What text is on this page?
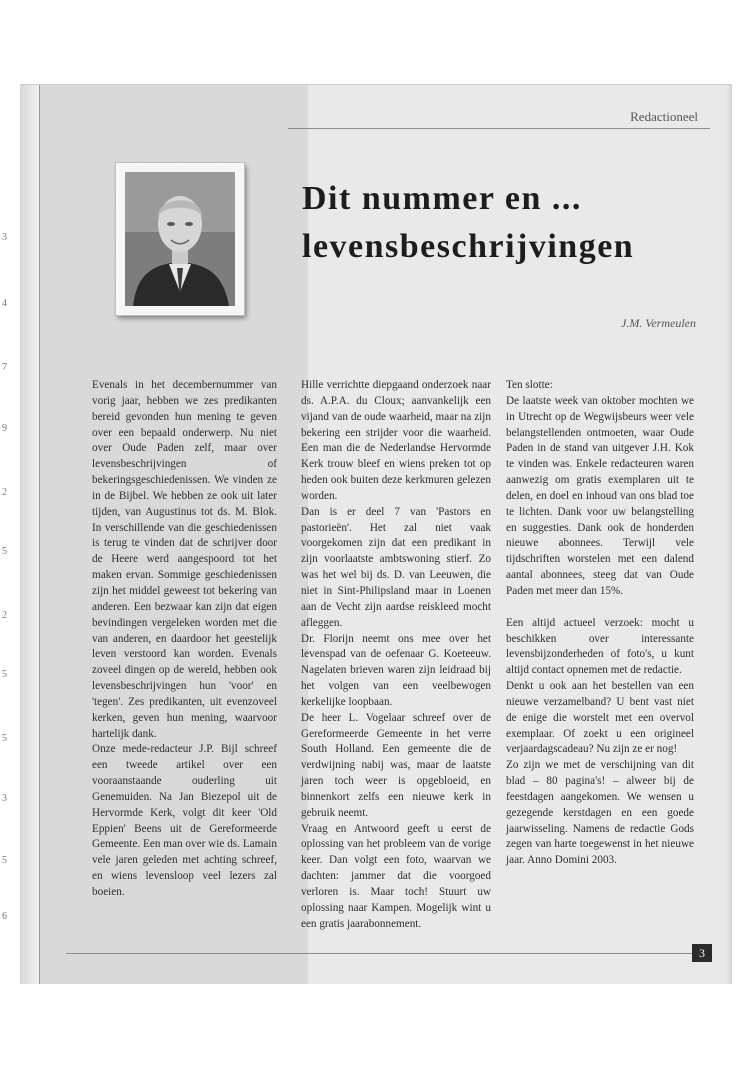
3
4
7
9
2
5
2
5
5
3
5
6
Redactioneel
Dit nummer en ...
levensbeschrijvingen
J.M. Vermeulen

Evenals in het decembernummer van vorig jaar, hebben we zes predikanten bereid gevonden hun mening te geven over een bepaald onderwerp. Nu niet over Oude Paden zelf, maar over levensbeschrijvingen of bekeringsgeschiedenissen. We vinden ze in de Bijbel. We hebben ze ook uit later tijden, van Augustinus tot ds. M. Blok. In verschillende van die geschiedenissen is terug te vinden dat de schrijver door de Heere werd aangespoord tot het maken ervan. Sommige geschiedenissen zijn het middel geweest tot bekering van anderen. Een bezwaar kan zijn dat eigen bevindingen vergeleken worden met die van anderen, en daardoor het geestelijk leven verstoord kan worden. Evenals zoveel dingen op de wereld, hebben ook levensbeschrijvingen hun 'voor' en 'tegen'. Zes predikanten, uit evenzoveel kerken, geven hun mening, waarvoor hartelijk dank.

Onze mede-redacteur J.P. Bijl schreef een tweede artikel over een vooraanstaande ouderling uit Genemuiden. Na Jan Biezepol uit de Hervormde Kerk, volgt dit keer 'Old Eppien' Beens uit de Gereformeerde Gemeente. Een man over wie ds. Lamain vele jaren geleden met achting schreef, en wiens levensloop veel lezers zal boeien.

Hille verrichtte diepgaand onderzoek naar ds. A.P.A. du Cloux; aanvankelijk een vijand van de oude waarheid, maar na zijn bekering een strijder voor die waarheid. Een man die de Nederlandse Hervormde Kerk trouw bleef en wiens preken tot op heden ook buiten deze kerkmuren gelezen worden.

Dan is er deel 7 van 'Pastors en pastorieën'. Het zal niet vaak voorgekomen zijn dat een predikant in zijn voorlaatste ambtswoning stierf. Zo was het wel bij ds. D. van Leeuwen, die niet in Sint-Philipsland maar in Loenen aan de Vecht zijn aardse reiskleed mocht afleggen.

Dr. Florijn neemt ons mee over het levenspad van de oefenaar G. Koeteeuw. Nagelaten brieven waren zijn leidraad bij het volgen van een veelbewogen kerkelijke loopbaan.

De heer L. Vogelaar schreef over de Gereformeerde Gemeente in het verre South Holland. Een gemeente die de verdwijning nabij was, maar de laatste jaren toch weer is opgebloeid, en binnenkort zelfs een nieuwe kerk in gebruik neemt.

Vraag en Antwoord geeft u eerst de oplossing van het probleem van de vorige keer. Dan volgt een foto, waarvan we dachten: jammer dat die voorgoed verloren is. Maar toch! Stuurt uw oplossing naar Kampen. Mogelijk wint u een gratis jaarabonnement.

Ten slotte:

De laatste week van oktober mochten we in Utrecht op de Wegwijsbeurs weer vele belangstellenden ontmoeten, waar Oude Paden in de stand van uitgever J.H. Kok te vinden was. Enkele redacteuren waren aanwezig om gratis exemplaren uit te delen, en doel en inhoud van ons blad toe te lichten. Dank voor uw belangstelling en suggesties. Dank ook de honderden nieuwe abonnees. Terwijl vele tijdschriften worstelen met een dalend aantal abonnees, steeg dat van Oude Paden met meer dan 15%.

Een altijd actueel verzoek: mocht u beschikken over interessante levensbijzonderheden of foto's, u kunt altijd contact opnemen met de redactie.

Denkt u ook aan het bestellen van een nieuwe verzamelband? U bent vast niet de enige die worstelt met een overvol exemplaar. Of zoekt u een origineel verjaardagscadeau? Nu zijn ze er nog!

Zo zijn we met de verschijning van dit blad – 80 pagina's! – alweer bij de feestdagen aangekomen. We wensen u gezegende kerstdagen en een goede jaarwisseling. Namens de redactie Gods zegen van harte toegewenst in het nieuwe jaar. Anno Domini 2003.

3
